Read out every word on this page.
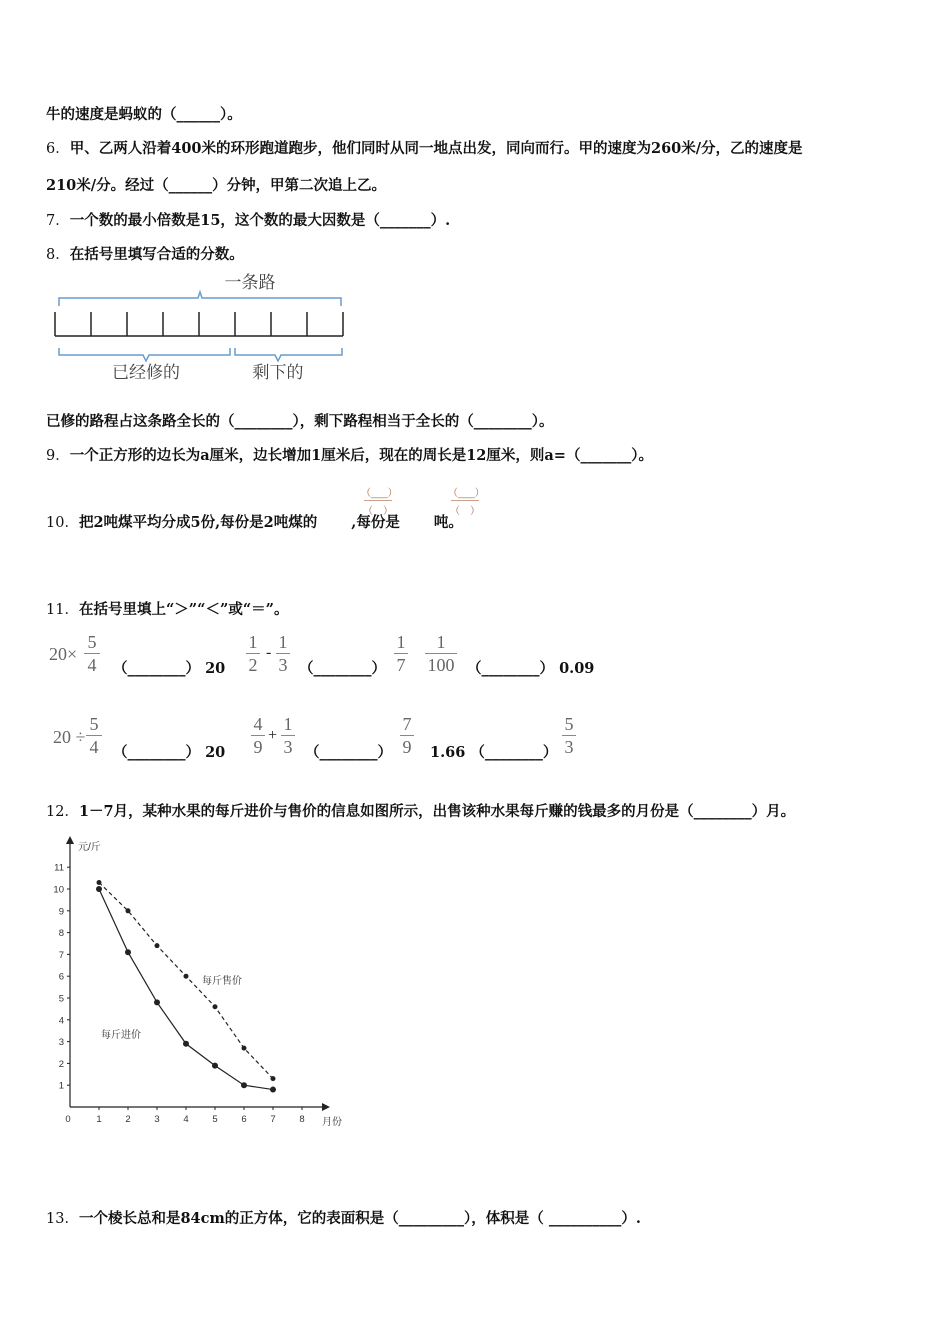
牛的速度是蚂蚁的（______）。
6．甲、乙两人沿着400米的环形跑道跑步，他们同时从同一地点出发，同向而行。甲的速度为260米/分，乙的速度是
210米/分。经过（______）分钟，甲第二次追上乙。
7．一个数的最小倍数是15，这个数的最大因数是（_______）.
8．在括号里填写合适的分数。
一条路
已经修的	剩下的
已修的路程占这条路全长的（________），剩下路程相当于全长的（________）。
9．一个正方形的边长为a厘米，边长增加1厘米后，现在的周长是12厘米，则a=（_______）。
10．把2吨煤平均分成5份,每份是2吨煤的 ,每份是 吨。
（___）
（　）
（___）
（　）
11．在括号里填上“＞”“＜”或“＝”。
20×
5
4 （________） 20
1
2
-
1
3 （________）
1
7
1
100 （________） 0.09
20 ÷
5
4 （________） 20
4
9
+
1
3 （________）
7
9 1.66 （________）
5
3
12．1－7月，某种水果的每斤进价与售价的信息如图所示，出售该种水果每斤赚的钱最多的月份是（________）月。
1
2
3
4
5
6
7
8
9
10
11
0	1 2 3 4 5 6 7 8
元/斤
月份
每斤售价
每斤进价
13．一个棱长总和是84cm的正方体，它的表面积是（_________），体积是（ __________）.
